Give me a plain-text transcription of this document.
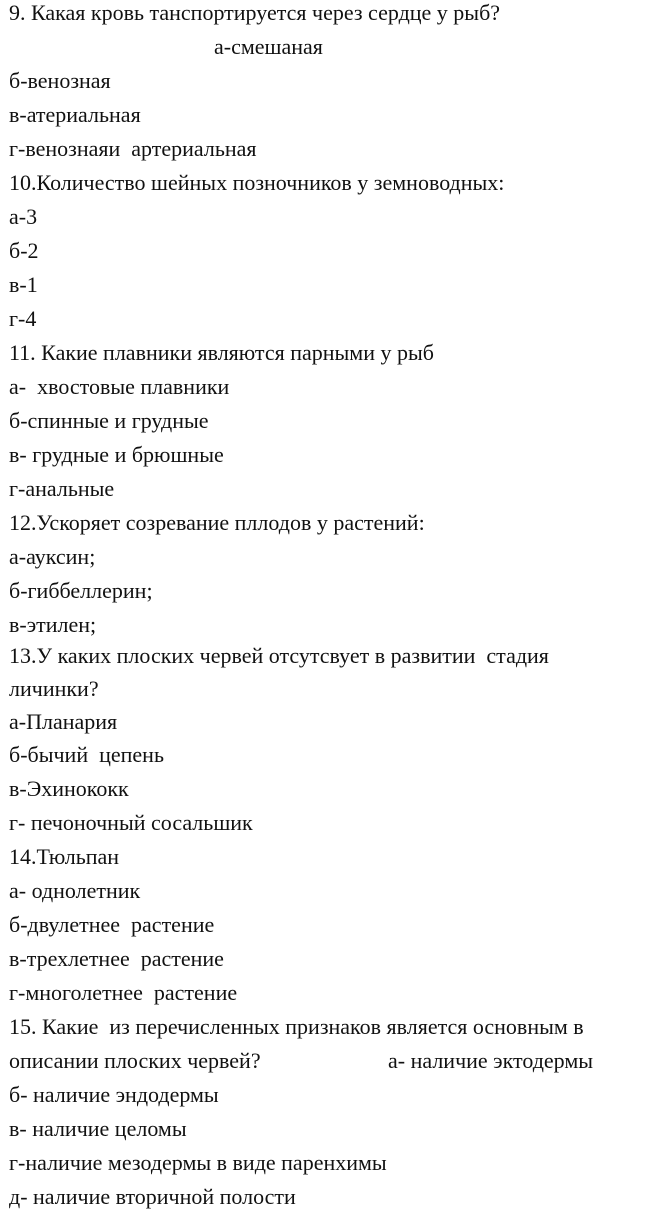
9. Какая кровь танспортируется через сердце у рыб?
а-смешаная
б-венозная
в-атериальная
г-венознаяи  артериальная
10.Количество шейных позночников у земноводных:
а-3
б-2
в-1
г-4
11. Какие плавники являются парными у рыб
а-  хвостовые плавники
б-спинные и грудные
в- грудные и брюшные
г-анальные
12.Ускоряет созревание пллодов у растений:
а-ауксин;
б-гиббеллерин;
в-этилен;
13.У каких плоских червей отсутсвует в развитии  стадия
личинки?
а-Планария
б-бычий  цепень
в-Эхинококк
г- печоночный сосальшик
14.Тюльпан
а- однолетник
б-двулетнее  растение
в-трехлетнее  растение
г-многолетнее  растение
15. Какие  из перечисленных признаков является основным в
описании плоских червей?	а- наличие эктодермы
б- наличие эндодермы
в- наличие целомы
г-наличие мезодермы в виде паренхимы
д- наличие вторичной полости
